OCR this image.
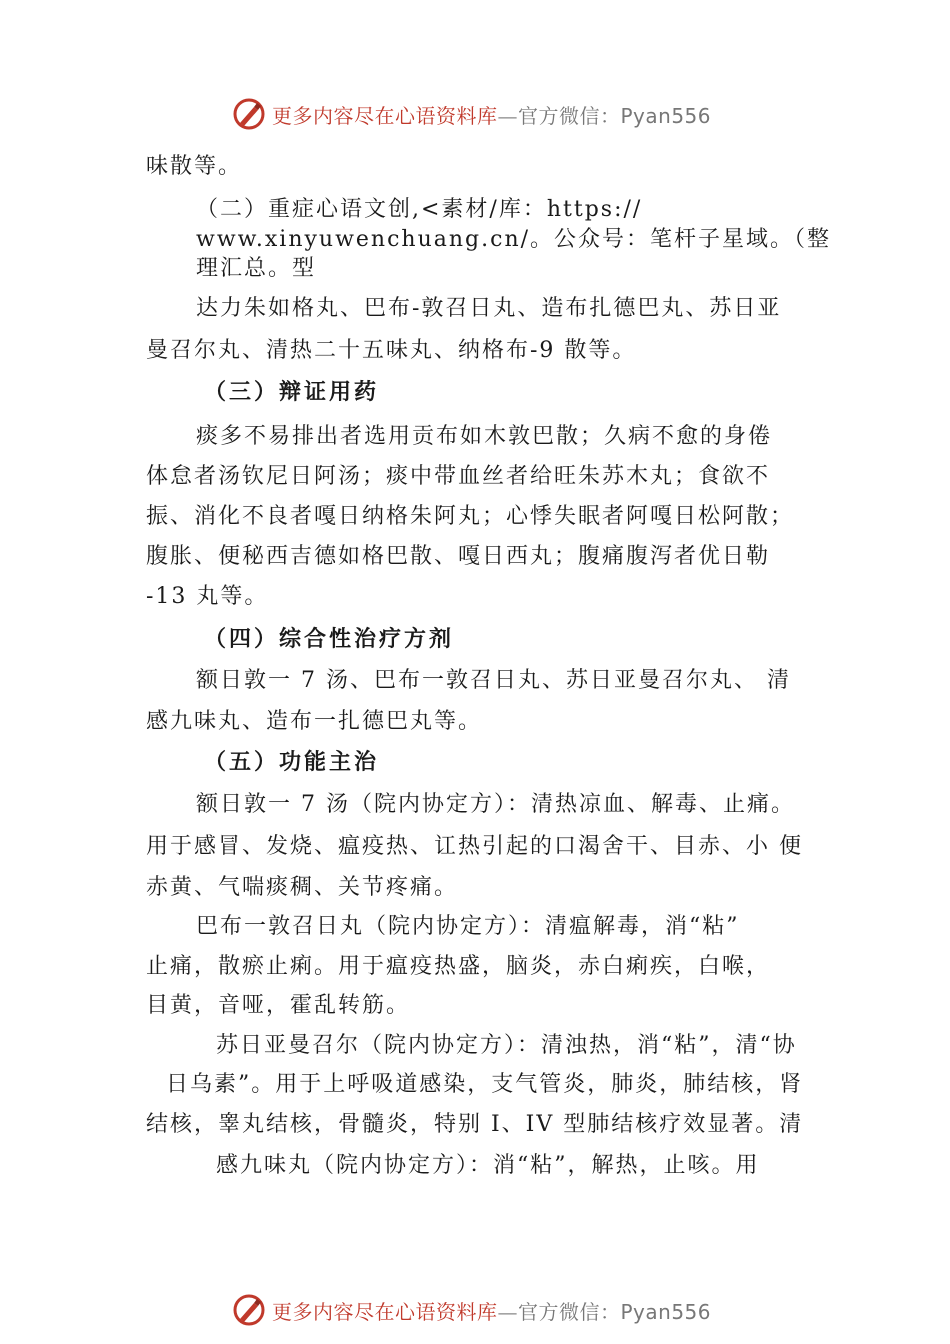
更多内容尽在心语资料库—官方微信：Pyan556
味散等。
（二）重症心语文创,<素材/库：https://
www.xinyuwenchuang.cn/。公众号：笔杆子星域。（整
理汇总。型
达力朱如格丸、巴布-敦召日丸、造布扎德巴丸、苏日亚
曼召尔丸、清热二十五味丸、纳格布-9 散等。
（三）辩证用药
痰多不易排出者选用贡布如木敦巴散；久病不愈的身倦
体怠者汤钦尼日阿汤；痰中带血丝者给旺朱苏木丸；食欲不
振、消化不良者嘎日纳格朱阿丸；心悸失眠者阿嘎日松阿散；
腹胀、便秘西吉德如格巴散、嘎日西丸；腹痛腹泻者优日勒
-13 丸等。
（四）综合性治疗方剂
额日敦一 7 汤、巴布一敦召日丸、苏日亚曼召尔丸、 清
感九味丸、造布一扎德巴丸等。
（五）功能主治
额日敦一 7 汤（院内协定方）：清热凉血、解毒、止痛。
用于感冒、发烧、瘟疫热、讧热引起的口渴舍干、目赤、小 便
赤黄、气喘痰稠、关节疼痛。
巴布一敦召日丸（院内协定方）：清瘟解毒，消“粘”
止痛，散瘀止痢。用于瘟疫热盛，脑炎，赤白痢疾，白喉，
目黄，音哑，霍乱转筋。
苏日亚曼召尔（院内协定方）：清浊热，消“粘”，清“协
日乌素”。用于上呼吸道感染，支气管炎，肺炎，肺结核，肾
结核，睾丸结核，骨髓炎，特别 I、IV 型肺结核疗效显著。清
感九味丸（院内协定方）：消“粘”，解热，止咳。用
更多内容尽在心语资料库—官方微信：Pyan556
